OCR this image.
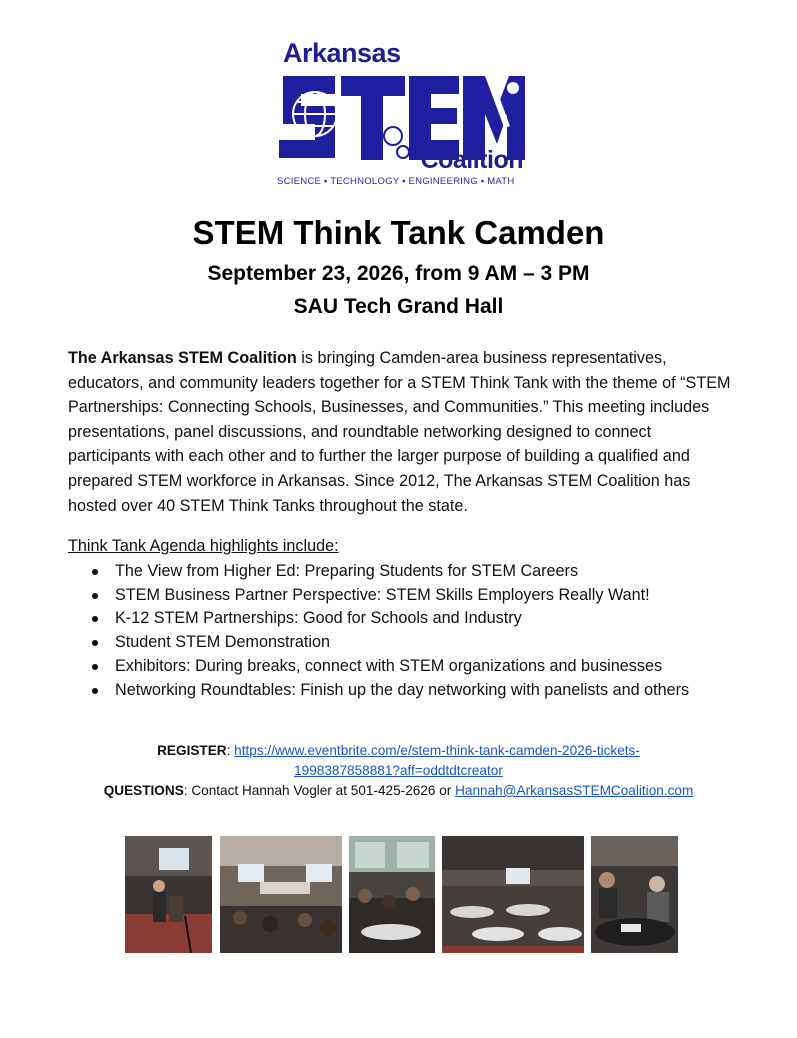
Arkansas
Coalition
SCIENCE ▪ TECHNOLOGY ▪ ENGINEERING ▪ MATH
STEM Think Tank Camden
September 23, 2026, from 9 AM – 3 PM
SAU Tech Grand Hall
The Arkansas STEM Coalition is bringing Camden-area business representatives, educators, and community leaders together for a STEM Think Tank with the theme of “STEM Partnerships: Connecting Schools, Businesses, and Communities.” This meeting includes presentations, panel discussions, and roundtable networking designed to connect participants with each other and to further the larger purpose of building a qualified and prepared STEM workforce in Arkansas. Since 2012, The Arkansas STEM Coalition has hosted over 40 STEM Think Tanks throughout the state.
Think Tank Agenda highlights include:
The View from Higher Ed: Preparing Students for STEM Careers
STEM Business Partner Perspective: STEM Skills Employers Really Want!
K-12 STEM Partnerships: Good for Schools and Industry
Student STEM Demonstration
Exhibitors: During breaks, connect with STEM organizations and businesses
Networking Roundtables: Finish up the day networking with panelists and others
REGISTER: https://www.eventbrite.com/e/stem-think-tank-camden-2026-tickets-
1998387858881?aff=oddtdtcreator
QUESTIONS: Contact Hannah Vogler at 501-425-2626 or Hannah@ArkansasSTEMCoalition.com
